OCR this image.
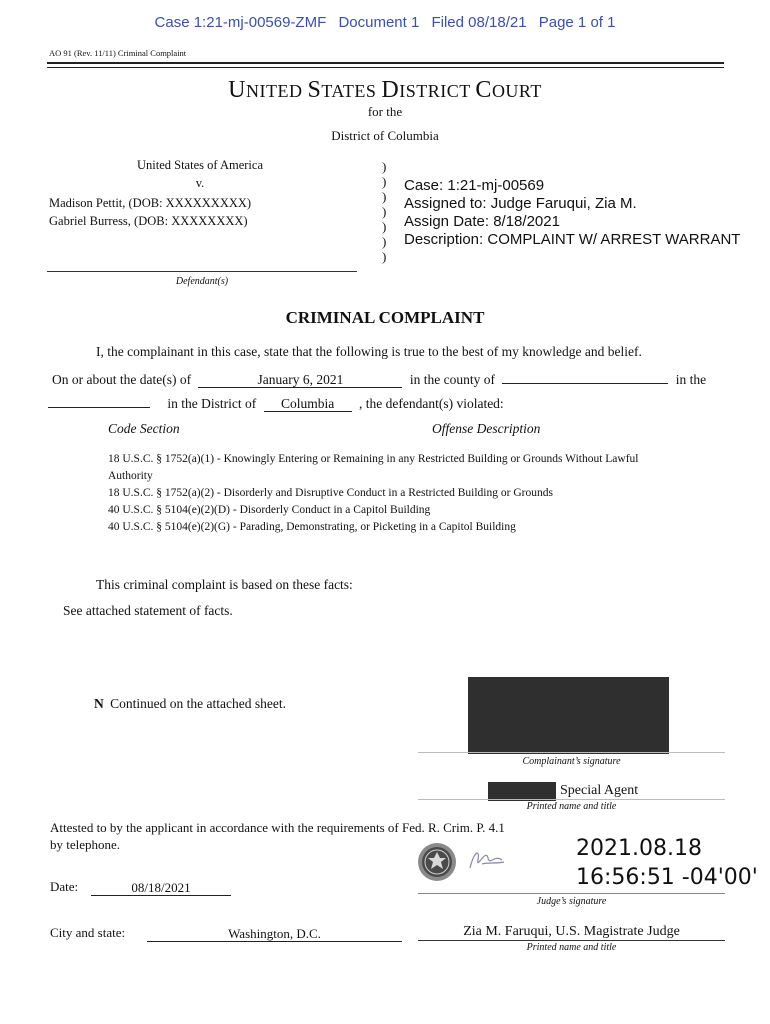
Case 1:21-mj-00569-ZMF Document 1 Filed 08/18/21 Page 1 of 1
AO 91 (Rev. 11/11) Criminal Complaint
UNITED STATES DISTRICT COURT
for the
District of Columbia
United States of America
v.
Madison Pettit, (DOB: XXXXXXXXX)
Gabriel Burress, (DOB: XXXXXXXX)
Defendant(s)
)
)
)
)
)
)
)
Case: 1:21-mj-00569
Assigned to: Judge Faruqui, Zia M.
Assign Date: 8/18/2021
Description: COMPLAINT W/ ARREST WARRANT
CRIMINAL COMPLAINT
I, the complainant in this case, state that the following is true to the best of my knowledge and belief.
On or about the date(s) of	January 6, 2021	in the county of	in the
in the District of Columbia , the defendant(s) violated:
Code Section	Offense Description
18 U.S.C. § 1752(a)(1) - Knowingly Entering or Remaining in any Restricted Building or Grounds Without Lawful
Authority
18 U.S.C. § 1752(a)(2) - Disorderly and Disruptive Conduct in a Restricted Building or Grounds
40 U.S.C. § 5104(e)(2)(D) - Disorderly Conduct in a Capitol Building
40 U.S.C. § 5104(e)(2)(G) - Parading, Demonstrating, or Picketing in a Capitol Building
This criminal complaint is based on these facts:
See attached statement of facts.
N Continued on the attached sheet.
Complainant’s signature
Special Agent
Printed name and title
Attested to by the applicant in accordance with the requirements of Fed. R. Crim. P. 4.1
by telephone.
Date:	08/18/2021
City and state:	Washington, D.C.
2021.08.18
16:56:51 -04'00'
Judge’s signature
Zia M. Faruqui, U.S. Magistrate Judge
Printed name and title
